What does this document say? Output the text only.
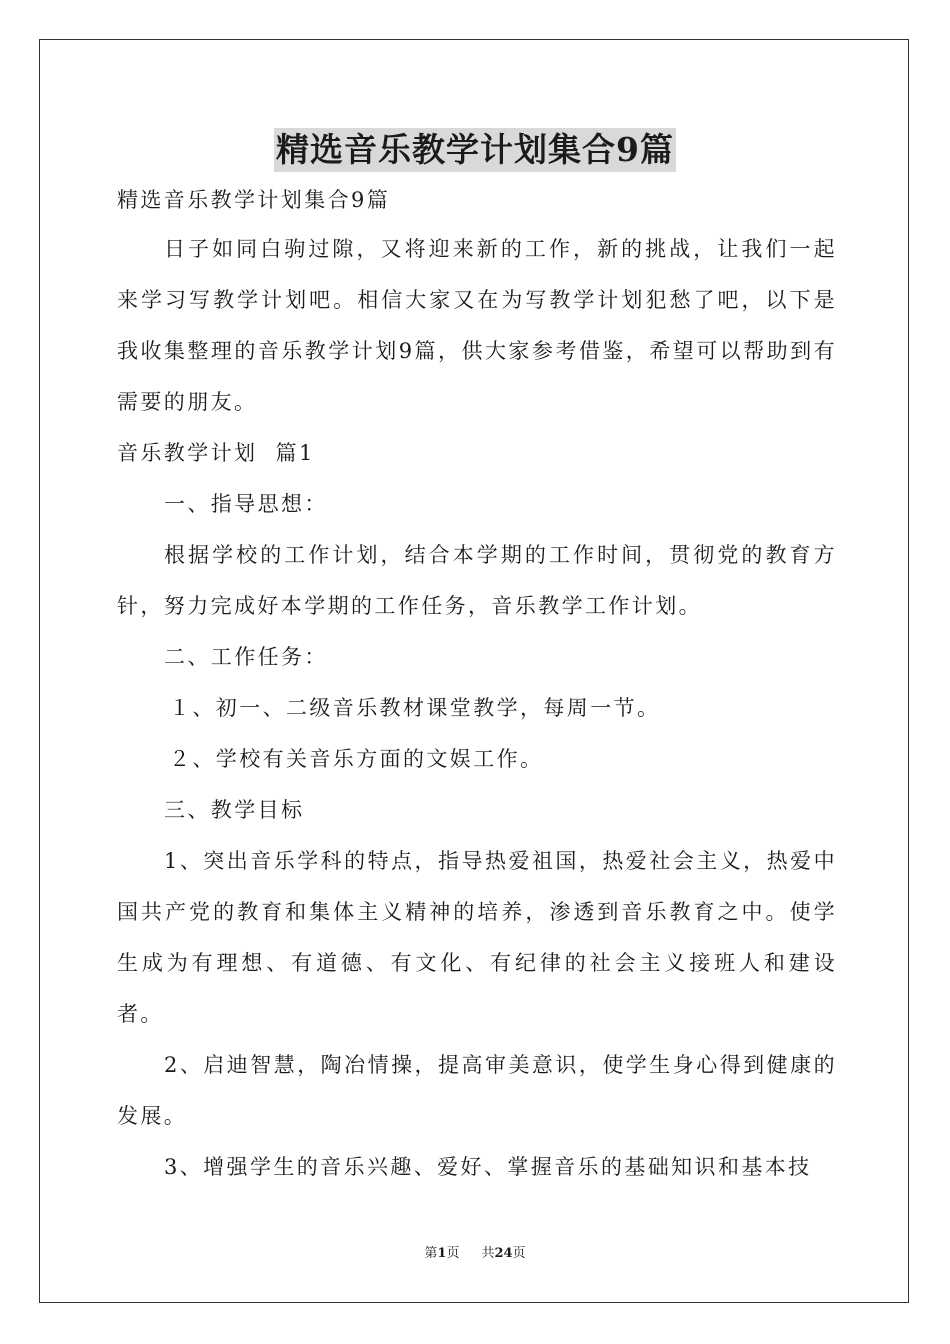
精选音乐教学计划集合9篇

精选音乐教学计划集合9篇

日子如同白驹过隙，又将迎来新的工作，新的挑战，让我们一起来学习写教学计划吧。相信大家又在为写教学计划犯愁了吧，以下是我收集整理的音乐教学计划9篇，供大家参考借鉴，希望可以帮助到有需要的朋友。

音乐教学计划  篇1

一、指导思想：

根据学校的工作计划，结合本学期的工作时间，贯彻党的教育方针，努力完成好本学期的工作任务，音乐教学工作计划。

二、工作任务：

１、初一、二级音乐教材课堂教学，每周一节。

２、学校有关音乐方面的文娱工作。

三、教学目标

1、突出音乐学科的特点，指导热爱祖国，热爱社会主义，热爱中国共产党的教育和集体主义精神的培养，渗透到音乐教育之中。使学生成为有理想、有道德、有文化、有纪律的社会主义接班人和建设者。

2、启迪智慧，陶冶情操，提高审美意识，使学生身心得到健康的发展。

3、增强学生的音乐兴趣、爱好、掌握音乐的基础知识和基本技

第1页 共24页
